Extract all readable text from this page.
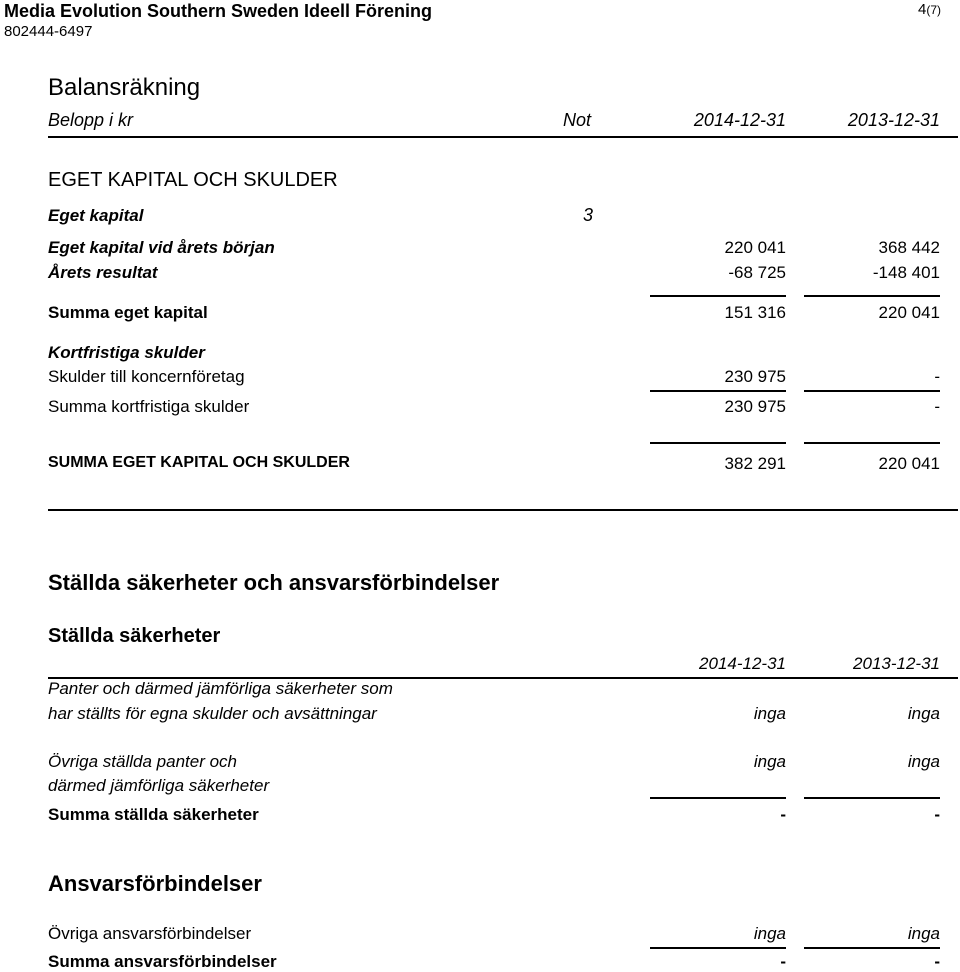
Media Evolution Southern Sweden Ideell Förening
802444-6497
4(7)
Balansräkning
Belopp i kr	Not	2014-12-31	2013-12-31
EGET KAPITAL OCH SKULDER
Eget kapital	3
Eget kapital vid årets början	220 041	368 442
Årets resultat	-68 725	-148 401
Summa eget kapital	151 316	220 041
Kortfristiga skulder
Skulder till koncernföretag	230 975	-
Summa kortfristiga skulder	230 975	-
SUMMA EGET KAPITAL OCH SKULDER	382 291	220 041
Ställda säkerheter och ansvarsförbindelser
Ställda säkerheter
2014-12-31	2013-12-31
Panter och därmed jämförliga säkerheter som
har ställts för egna skulder och avsättningar	inga	inga
Övriga ställda panter och	inga	inga
därmed jämförliga säkerheter
Summa ställda säkerheter	-	-
Ansvarsförbindelser
Övriga ansvarsförbindelser	inga	inga
Summa ansvarsförbindelser	-	-
